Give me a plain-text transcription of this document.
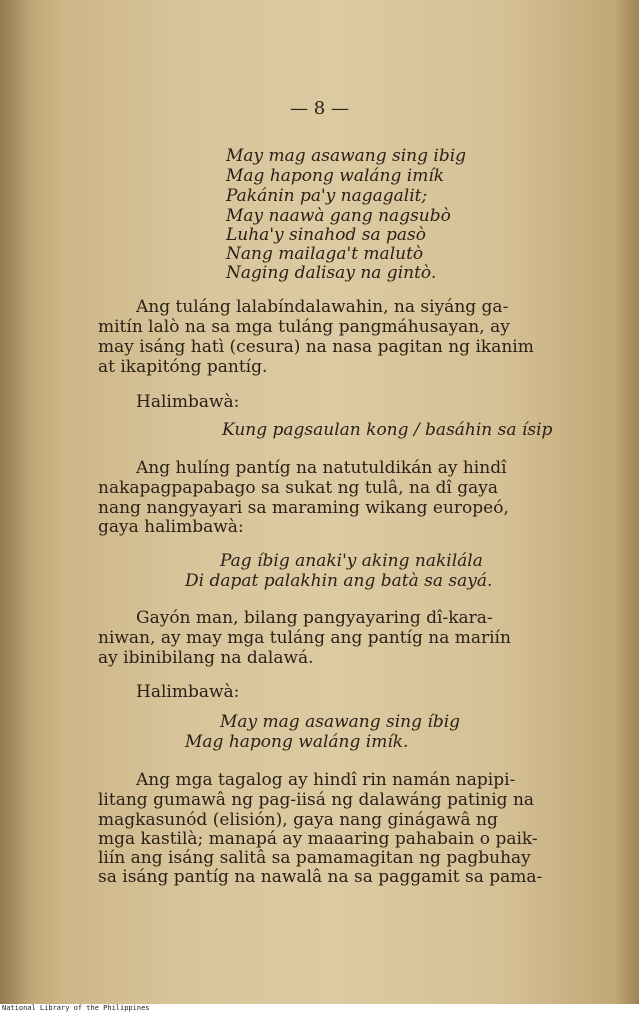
— 8 —
May mag asawang sing ibig
Mag hapong waláng imík
Pakánin pa'y nagagalit;
May naawà gang nagsubò
Luha'y sinahod sa pasò
Nang mailaga't malutò
Naging dalisay na gintò.
Ang tuláng lalabíndalawahin, na siyáng ga-
mitín lalò na sa mga tuláng pangmáhusayan, ay
may isáng hatì (cesura) na nasa pagitan ng ikanim
at ikapitóng pantíg.
Halimbawà:
Kung pagsaulan kong / basáhin sa ísip
Ang hulíng pantíg na natutuldikán ay hindî
nakapagpapabago sa sukat ng tulâ, na dî gaya
nang nangyayari sa maraming wikang europeó,
gaya halimbawà:
Pag íbig anaki'y aking nakilála
Di dapat palakhin ang batà sa sayá.
Gayón man, bilang pangyayaring dî-kara-
niwan, ay may mga tuláng ang pantíg na mariín
ay ibinibilang na dalawá.
Halimbawà:
May mag asawang sing íbig
Mag hapong waláng imík.
Ang mga tagalog ay hindî rin namán napipi-
litang gumawâ ng pag-iisá ng dalawáng patinig na
magkasunód (elisión), gaya nang ginágawâ ng
mga kastilà; manapá ay maaaring pahabain o paik-
liín ang isáng salitâ sa pamamagitan ng pagbuhay
sa isáng pantíg na nawalâ na sa paggamit sa pama-
National Library of the Philippines
